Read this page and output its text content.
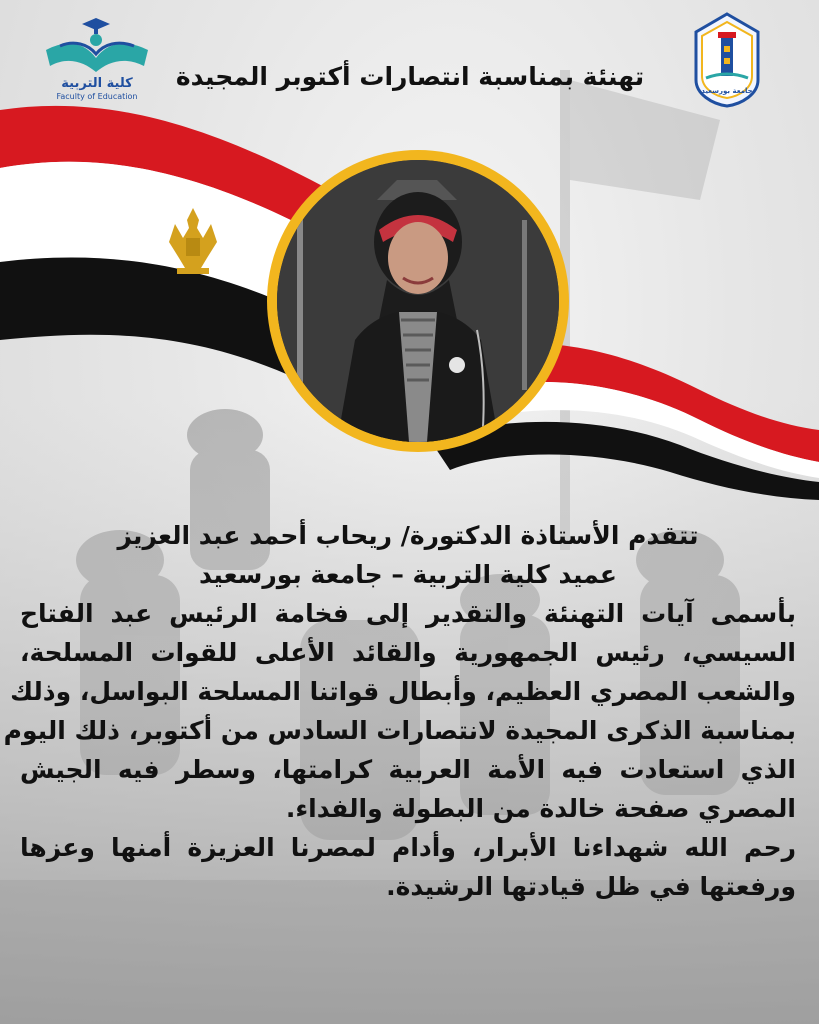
كلية التربية
Faculty of Education
جامعة بورسعيد
تهنئة بمناسبة انتصارات أكتوبر المجيدة
تتقدم الأستاذة الدكتورة/ ريحاب أحمد عبد العزيز
عميد كلية التربية – جامعة بورسعيد
بأسمى آيات التهنئة والتقدير إلى فخامة الرئيس عبد الفتاح
السيسي، رئيس الجمهورية والقائد الأعلى للقوات المسلحة،
والشعب المصري العظيم، وأبطال قواتنا المسلحة البواسل، وذلك
بمناسبة الذكرى المجيدة لانتصارات السادس من أكتوبر، ذلك اليوم
الذي استعادت فيه الأمة العربية كرامتها، وسطر فيه الجيش
المصري صفحة خالدة من البطولة والفداء.
رحم الله شهداءنا الأبرار، وأدام لمصرنا العزيزة أمنها وعزها
ورفعتها في ظل قيادتها الرشيدة.
